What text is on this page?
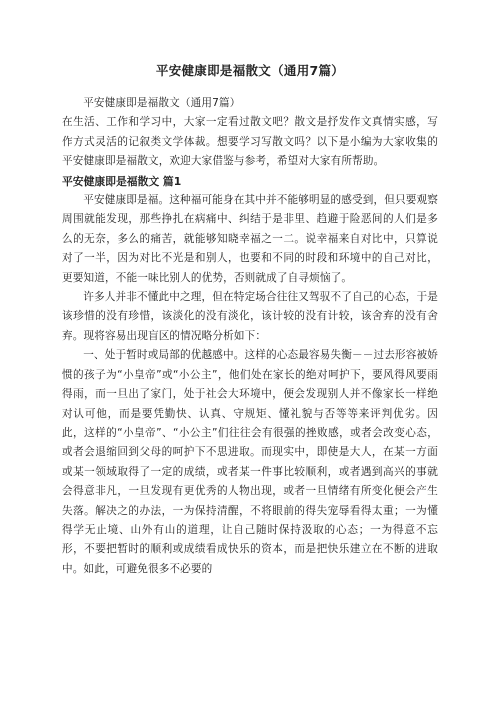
平安健康即是福散文（通用7篇）

平安健康即是福散文（通用7篇）

在生活、工作和学习中，大家一定看过散文吧？散文是抒发作文真情实感，写作方式灵活的记叙类文学体裁。想要学习写散文吗？以下是小编为大家收集的平安健康即是福散文，欢迎大家借鉴与参考，希望对大家有所帮助。

平安健康即是福散文 篇1

平安健康即是福。这种福可能身在其中并不能够明显的感受到，但只要观察周围就能发现，那些挣扎在病痛中、纠结于是非里、趋避于险恶间的人们是多么的无奈，多么的痛苦，就能够知晓幸福之一二。说幸福来自对比中，只算说对了一半，因为对比不光是和别人，也要和不同的时段和环境中的自己对比，更要知道，不能一味比别人的优势，否则就成了自寻烦恼了。

许多人并非不懂此中之理，但在特定场合往往又驾驭不了自己的心态，于是该珍惜的没有珍惜，该淡化的没有淡化，该计较的没有计较，该舍弃的没有舍弃。现将容易出现盲区的情况略分析如下：

一、处于暂时或局部的优越感中。这样的心态最容易失衡－－过去形容被娇惯的孩子为“小皇帝”或“小公主”，他们处在家长的绝对呵护下，要风得风要雨得雨，而一旦出了家门，处于社会大环境中，便会发现别人并不像家长一样绝对认可他，而是要凭勤快、认真、守规矩、懂礼貌与否等等来评判优劣。因此，这样的“小皇帝”、“小公主”们往往会有很强的挫败感，或者会改变心态，或者会退缩回到父母的呵护下不思进取。而现实中，即使是大人，在某一方面或某一领域取得了一定的成绩，或者某一件事比较顺利，或者遇到高兴的事就会得意非凡，一旦发现有更优秀的人物出现，或者一旦情绪有所变化便会产生失落。解决之的办法，一为保持清醒，不将眼前的得失宠辱看得太重；一为懂得学无止境、山外有山的道理，让自己随时保持汲取的心态；一为得意不忘形，不要把暂时的顺利或成绩看成快乐的资本，而是把快乐建立在不断的进取中。如此，可避免很多不必要的
